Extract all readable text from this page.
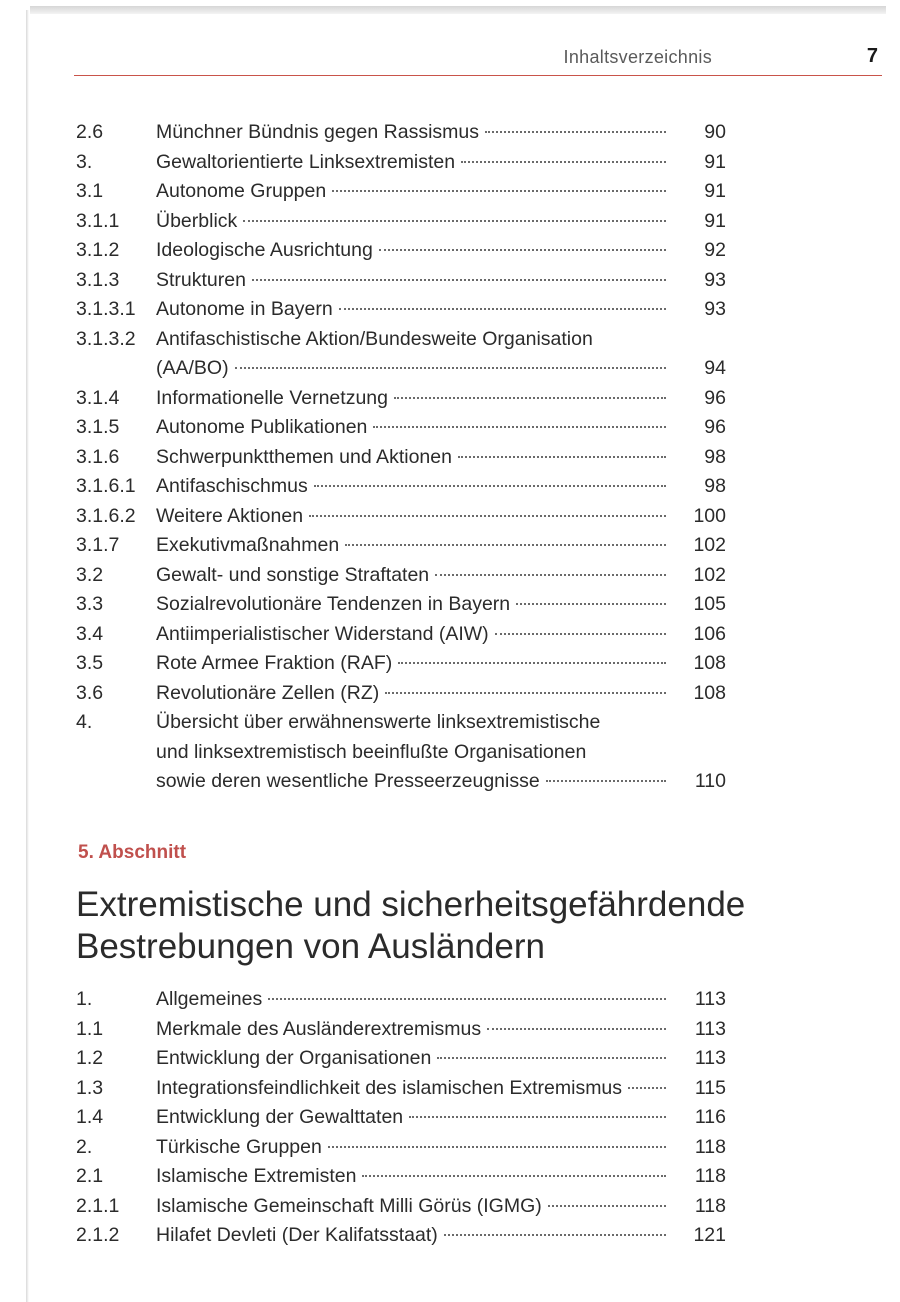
Inhaltsverzeichnis	7
2.6	Münchner Bündnis gegen Rassismus	90
3.	Gewaltorientierte Linksextremisten	91
3.1	Autonome Gruppen	91
3.1.1	Überblick	91
3.1.2	Ideologische Ausrichtung	92
3.1.3	Strukturen	93
3.1.3.1	Autonome in Bayern	93
3.1.3.2	Antifaschistische Aktion/Bundesweite Organisation
(AA/BO)	94
3.1.4	Informationelle Vernetzung	96
3.1.5	Autonome Publikationen	96
3.1.6	Schwerpunktthemen und Aktionen	98
3.1.6.1	Antifaschischmus	98
3.1.6.2	Weitere Aktionen	100
3.1.7	Exekutivmaßnahmen	102
3.2	Gewalt- und sonstige Straftaten	102
3.3	Sozialrevolutionäre Tendenzen in Bayern	105
3.4	Antiimperialistischer Widerstand (AIW)	106
3.5	Rote Armee Fraktion (RAF)	108
3.6	Revolutionäre Zellen (RZ)	108
4.	Übersicht über erwähnenswerte linksextremistische
und linksextremistisch beeinflußte Organisationen
sowie deren wesentliche Presseerzeugnisse	110
5. Abschnitt
Extremistische und sicherheitsgefährdende
Bestrebungen von Ausländern
1.	Allgemeines	113
1.1	Merkmale des Ausländerextremismus	113
1.2	Entwicklung der Organisationen	113
1.3	Integrationsfeindlichkeit des islamischen Extremismus	115
1.4	Entwicklung der Gewalttaten	116
2.	Türkische Gruppen	118
2.1	Islamische Extremisten	118
2.1.1	Islamische Gemeinschaft Milli Görüs (IGMG)	118
2.1.2	Hilafet Devleti (Der Kalifatsstaat)	121
